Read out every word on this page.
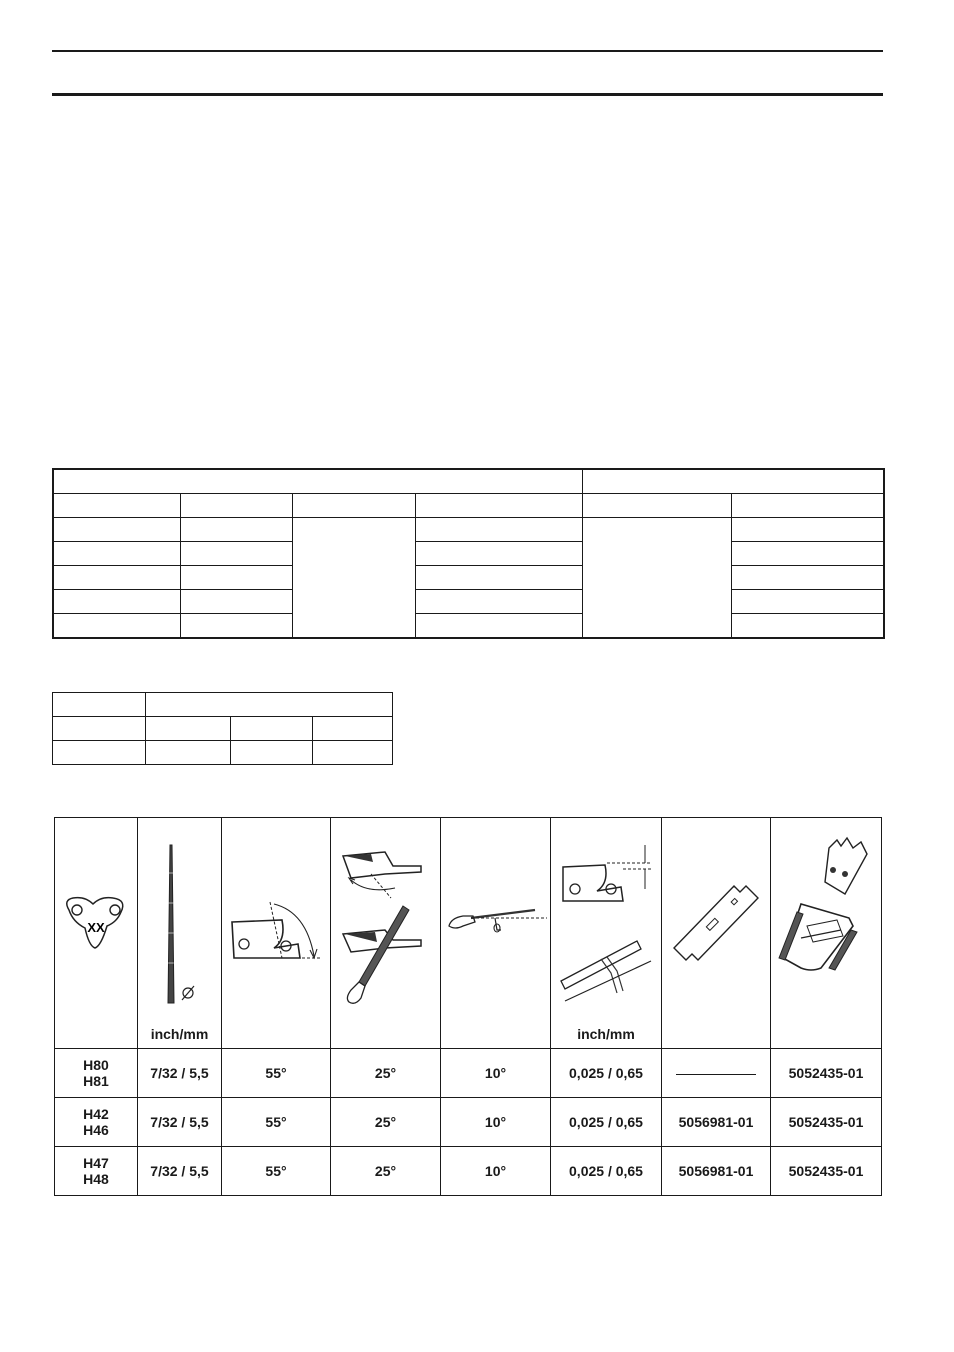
XX	inch/mm				inch/mm

H80
H81	7/32 / 5,5	55°	25°	10°	0,025 / 0,65		5052435-01
H42
H46	7/32 / 5,5	55°	25°	10°	0,025 / 0,65	5056981-01	5052435-01
H47
H48	7/32 / 5,5	55°	25°	10°	0,025 / 0,65	5056981-01	5052435-01
